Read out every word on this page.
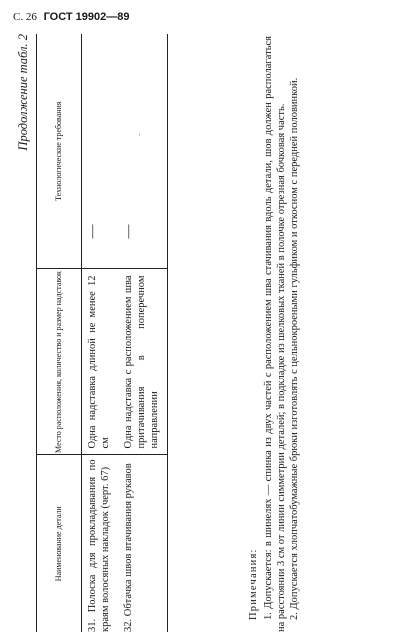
С. 26 ГОСТ 19902—89
Продолжение табл. 2
Наименование детали	Место расположения, количество и размер надставок	Технологические требования
31. Полоска для прокладывания по краям волосяных накладок (черт. 67)	Одна надставка длиной не менее 12 см	—
32. Обтачка швов втачивания рукавов	Одна надставка с расположением шва притачивания в поперечном направлении	—
Примечания: 1. Допускается: в шинелях — спинка из двух частей с расположением шва стачивания вдоль детали, шов должен располагаться на расстоянии 3 см от линии симметрии деталей; в подкладке из шелковых тканей в полочке отрезная бочковая часть. 2. Допускается хлопчатобумажные брюки изготовлять с цельнокроеными гульфиком и откосном с передней половинкой.

·
